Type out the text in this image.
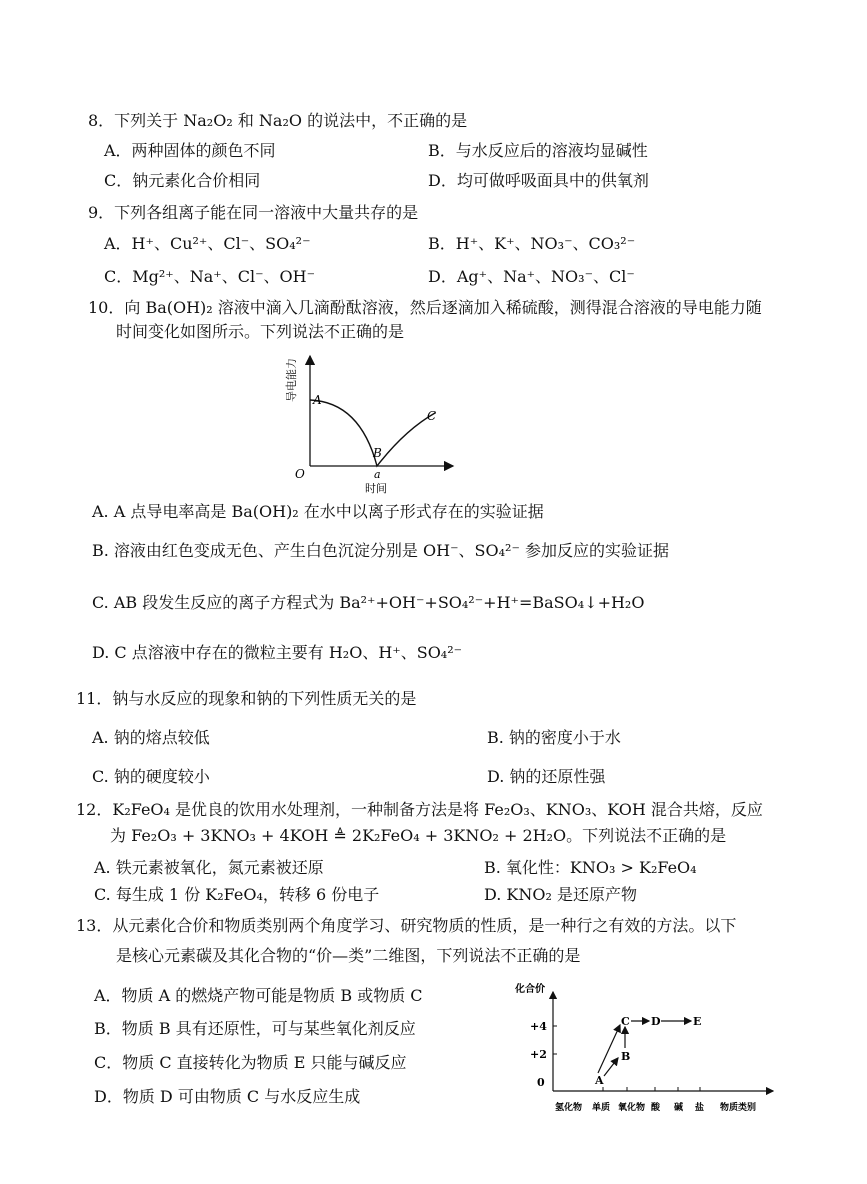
8．下列关于 Na₂O₂ 和 Na₂O 的说法中，不正确的是
A．两种固体的颜色不同	B．与水反应后的溶液均显碱性
C．钠元素化合价相同	D．均可做呼吸面具中的供氧剂
9．下列各组离子能在同一溶液中大量共存的是
A．H⁺、Cu²⁺、Cl⁻、SO₄²⁻	B．H⁺、K⁺、NO₃⁻、CO₃²⁻
C．Mg²⁺、Na⁺、Cl⁻、OH⁻	D．Ag⁺、Na⁺、NO₃⁻、Cl⁻
10．向 Ba(OH)₂ 溶液中滴入几滴酚酞溶液，然后逐滴加入稀硫酸，测得混合溶液的导电能力随
时间变化如图所示。下列说法不正确的是
导电能力
O
A
B
C
a
时间
A. A 点导电率高是 Ba(OH)₂ 在水中以离子形式存在的实验证据
B. 溶液由红色变成无色、产生白色沉淀分别是 OH⁻、SO₄²⁻ 参加反应的实验证据
C. AB 段发生反应的离子方程式为 Ba²⁺+OH⁻+SO₄²⁻+H⁺=BaSO₄↓+H₂O
D. C 点溶液中存在的微粒主要有 H₂O、H⁺、SO₄²⁻
11．钠与水反应的现象和钠的下列性质无关的是
A. 钠的熔点较低	B. 钠的密度小于水
C. 钠的硬度较小	D. 钠的还原性强
12．K₂FeO₄ 是优良的饮用水处理剂，一种制备方法是将 Fe₂O₃、KNO₃、KOH 混合共熔，反应
为 Fe₂O₃ + 3KNO₃ + 4KOH ≜ 2K₂FeO₄ + 3KNO₂ + 2H₂O。下列说法不正确的是
A. 铁元素被氧化，氮元素被还原	B. 氧化性：KNO₃ > K₂FeO₄
C. 每生成 1 份 K₂FeO₄，转移 6 份电子	D. KNO₂ 是还原产物
13．从元素化合价和物质类别两个角度学习、研究物质的性质，是一种行之有效的方法。以下
是核心元素碳及其化合物的“价—类”二维图，下列说法不正确的是
A．物质 A 的燃烧产物可能是物质 B 或物质 C
B．物质 B 具有还原性，可与某些氧化剂反应
C．物质 C 直接转化为物质 E 只能与碱反应
D．物质 D 可由物质 C 与水反应生成
化合价
+4
+2
0
氢化物 单质 氧化物 酸 碱 盐 物质类别
A
B
C D	E
